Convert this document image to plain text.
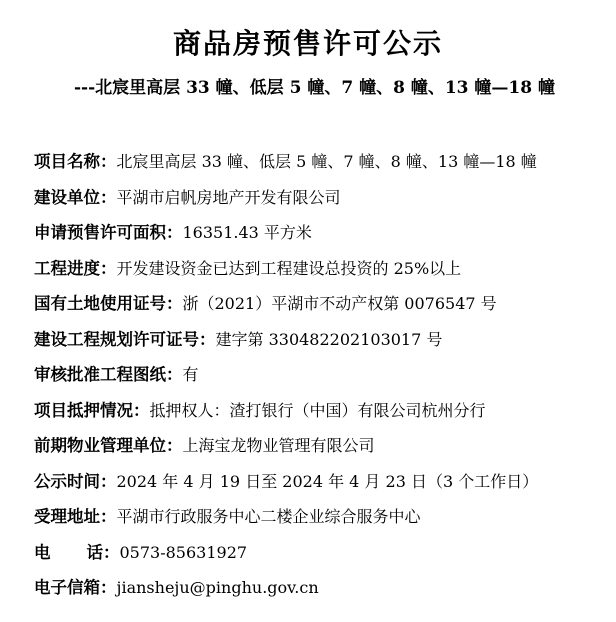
商品房预售许可公示
---北宸里高层 33 幢、低层 5 幢、7 幢、8 幢、13 幢—18 幢
项目名称：北宸里高层 33 幢、低层 5 幢、7 幢、8 幢、13 幢—18 幢
建设单位：平湖市启帆房地产开发有限公司
申请预售许可面积：16351.43 平方米
工程进度：开发建设资金已达到工程建设总投资的 25%以上
国有土地使用证号：浙（2021）平湖市不动产权第 0076547 号
建设工程规划许可证号：建字第 330482202103017 号
审核批准工程图纸：有
项目抵押情况：抵押权人：渣打银行（中国）有限公司杭州分行
前期物业管理单位：上海宝龙物业管理有限公司
公示时间：2024 年 4 月 19 日至 2024 年 4 月 23 日（3 个工作日）
受理地址：平湖市行政服务中心二楼企业综合服务中心
电 话：0573-85631927
电子信箱：jiansheju@pinghu.gov.cn
